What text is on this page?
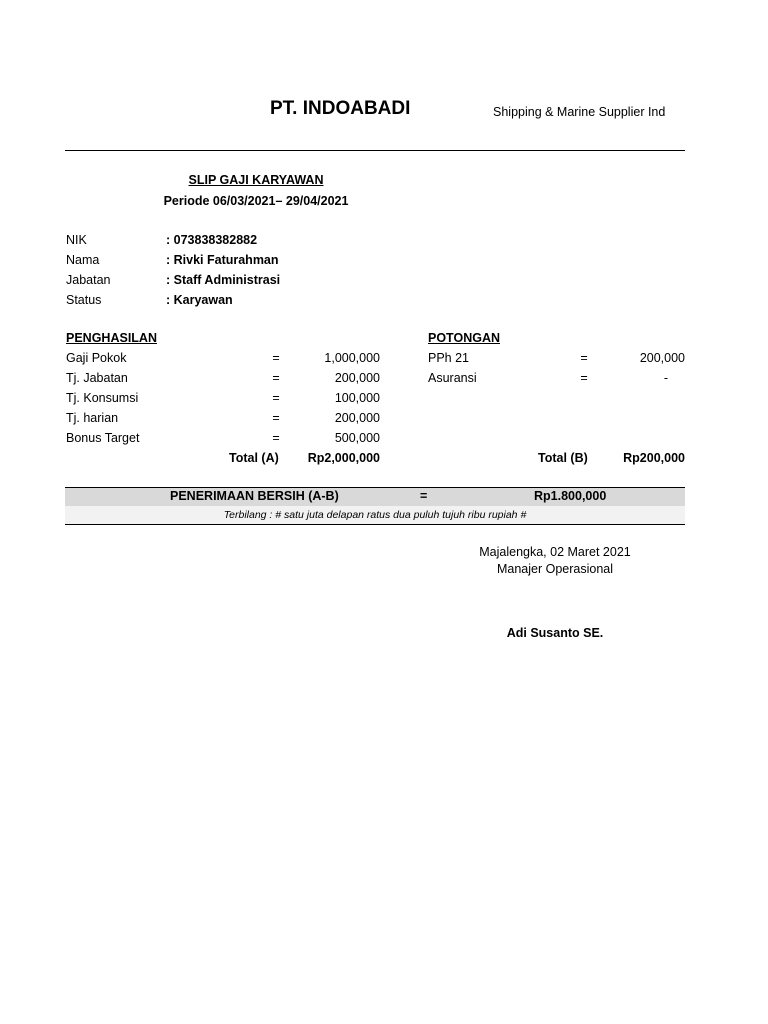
PT. INDOABADI	Shipping & Marine Supplier Ind
SLIP GAJI KARYAWAN
Periode 06/03/2021– 29/04/2021
NIK	: 073838382882
Nama	: Rivki Faturahman
Jabatan	: Staff Administrasi
Status	: Karyawan
PENGHASILAN
Gaji Pokok	=	1,000,000
Tj. Jabatan	=	200,000
Tj. Konsumsi	=	100,000
Tj. harian	=	200,000
Bonus Target	=	500,000
Total (A)	Rp2,000,000
POTONGAN
PPh 21	=	200,000
Asuransi	=	-
Total (B)	Rp200,000
PENERIMAAN BERSIH (A-B)	=	Rp1.800,000
Terbilang : # satu juta delapan ratus dua puluh tujuh ribu rupiah #
Majalengka, 02 Maret 2021
Manajer Operasional
Adi Susanto SE.
